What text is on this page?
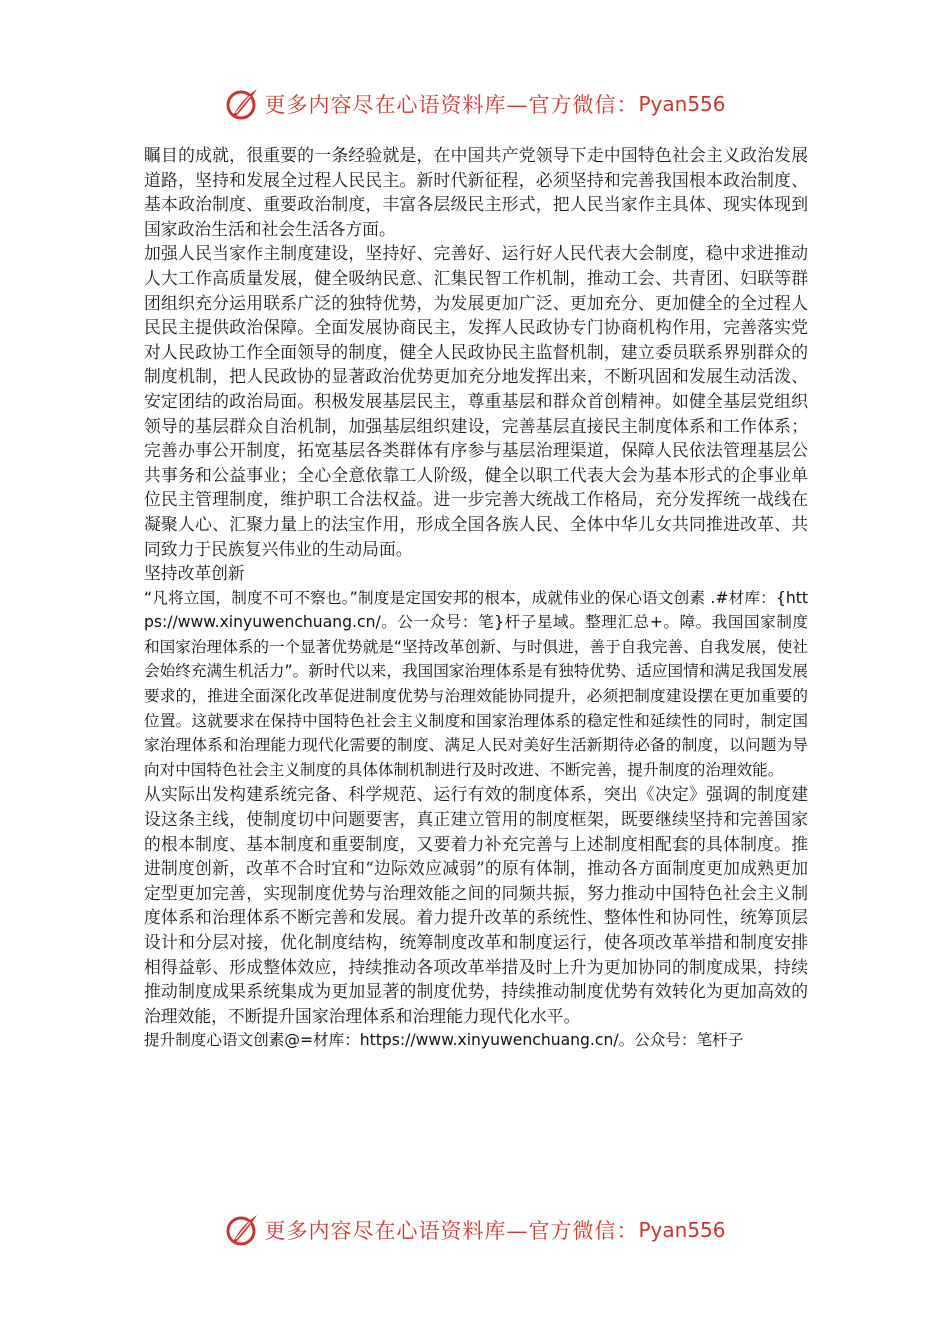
更多内容尽在心语资料库—官方微信： Pyan556

瞩目的成就，很重要的一条经验就是，在中国共产党领导下走中国特色社会主义政治发展道路，坚持和发展全过程人民民主。新时代新征程，必须坚持和完善我国根本政治制度、基本政治制度、重要政治制度，丰富各层级民主形式，把人民当家作主具体、现实体现到国家政治生活和社会生活各方面。

加强人民当家作主制度建设，坚持好、完善好、运行好人民代表大会制度，稳中求进推动人大工作高质量发展，健全吸纳民意、汇集民智工作机制，推动工会、共青团、妇联等群团组织充分运用联系广泛的独特优势，为发展更加广泛、更加充分、更加健全的全过程人民民主提供政治保障。全面发展协商民主，发挥人民政协专门协商机构作用，完善落实党对人民政协工作全面领导的制度，健全人民政协民主监督机制，建立委员联系界别群众的制度机制，把人民政协的显著政治优势更加充分地发挥出来，不断巩固和发展生动活泼、安定团结的政治局面。积极发展基层民主，尊重基层和群众首创精神。如健全基层党组织领导的基层群众自治机制，加强基层组织建设，完善基层直接民主制度体系和工作体系；完善办事公开制度，拓宽基层各类群体有序参与基层治理渠道，保障人民依法管理基层公共事务和公益事业；全心全意依靠工人阶级，健全以职工代表大会为基本形式的企事业单位民主管理制度，维护职工合法权益。进一步完善大统战工作格局，充分发挥统一战线在凝聚人心、汇聚力量上的法宝作用，形成全国各族人民、全体中华儿女共同推进改革、共同致力于民族复兴伟业的生动局面。

坚持改革创新

“凡将立国，制度不可不察也。”制度是定国安邦的根本，成就伟业的保心语文创素 .#材库：{https://www.xinyuwenchuang.cn/。公一众号：笔}杆子星域。整理汇总+。障。我国国家制度和国家治理体系的一个显著优势就是“坚持改革创新、与时俱进，善于自我完善、自我发展，使社会始终充满生机活力”。新时代以来，我国国家治理体系是有独特优势、适应国情和满足我国发展要求的，推进全面深化改革促进制度优势与治理效能协同提升，必须把制度建设摆在更加重要的位置。这就要求在保持中国特色社会主义制度和国家治理体系的稳定性和延续性的同时，制定国家治理体系和治理能力现代化需要的制度、满足人民对美好生活新期待必备的制度，以问题为导向对中国特色社会主义制度的具体体制机制进行及时改进、不断完善，提升制度的治理效能。

从实际出发构建系统完备、科学规范、运行有效的制度体系，突出《决定》强调的制度建设这条主线，使制度切中问题要害，真正建立管用的制度框架，既要继续坚持和完善国家的根本制度、基本制度和重要制度，又要着力补充完善与上述制度相配套的具体制度。推进制度创新，改革不合时宜和“边际效应减弱”的原有体制，推动各方面制度更加成熟更加定型更加完善，实现制度优势与治理效能之间的同频共振，努力推动中国特色社会主义制度体系和治理体系不断完善和发展。着力提升改革的系统性、整体性和协同性，统筹顶层设计和分层对接，优化制度结构，统筹制度改革和制度运行，使各项改革举措和制度安排相得益彰、形成整体效应，持续推动各项改革举措及时上升为更加协同的制度成果，持续推动制度成果系统集成为更加显著的制度优势，持续推动制度优势有效转化为更加高效的治理效能，不断提升国家治理体系和治理能力现代化水平。

提升制度心语文创素@=材库：https://www.xinyuwenchuang.cn/。公众号：笔杆子

更多内容尽在心语资料库—官方微信： Pyan556
